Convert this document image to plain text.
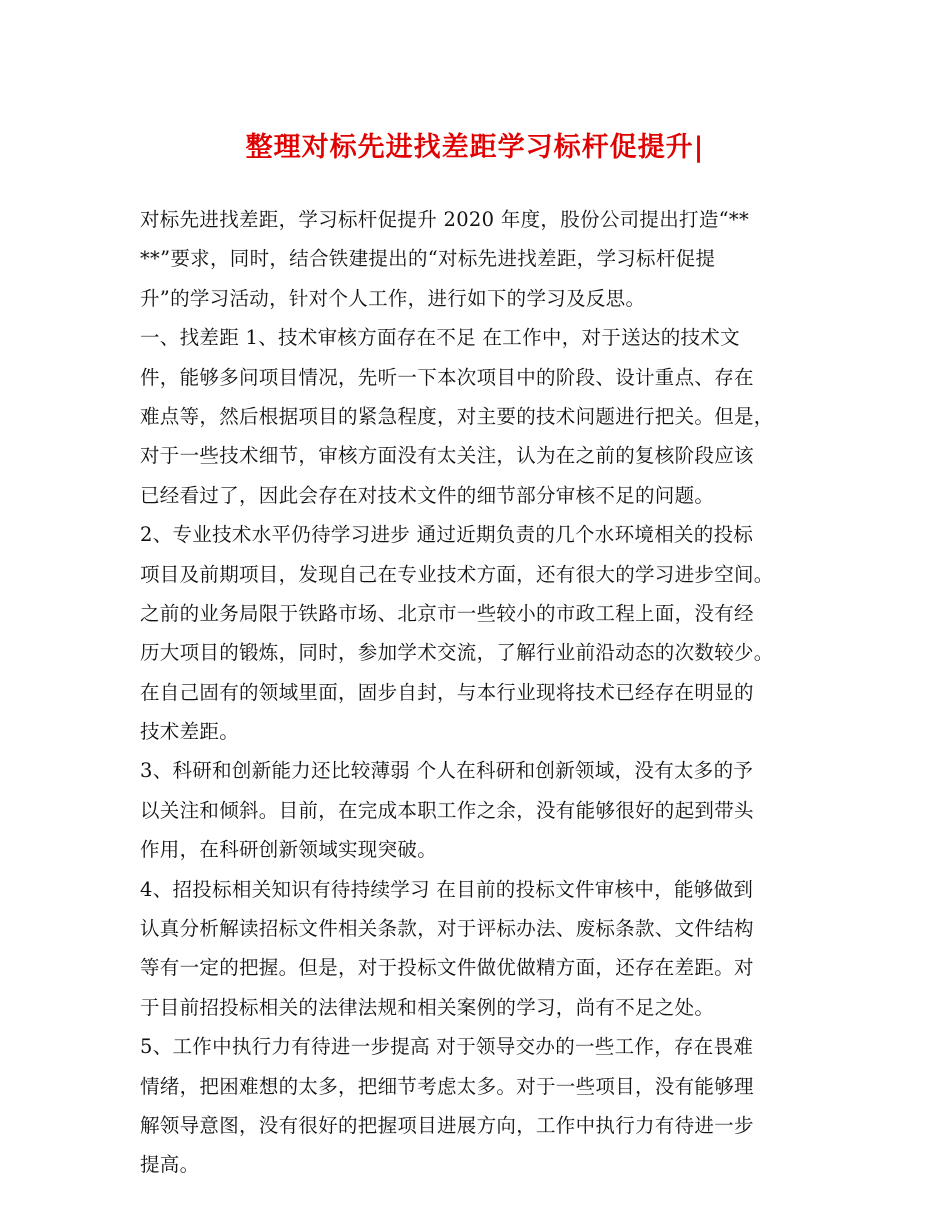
整理对标先进找差距学习标杆促提升|
对标先进找差距，学习标杆促提升 2020 年度，股份公司提出打造“**
**”要求，同时，结合铁建提出的“对标先进找差距，学习标杆促提
升”的学习活动，针对个人工作，进行如下的学习及反思。
一、找差距 1、技术审核方面存在不足 在工作中，对于送达的技术文
件，能够多问项目情况，先听一下本次项目中的阶段、设计重点、存在
难点等，然后根据项目的紧急程度，对主要的技术问题进行把关。但是，
对于一些技术细节，审核方面没有太关注，认为在之前的复核阶段应该
已经看过了，因此会存在对技术文件的细节部分审核不足的问题。
2、专业技术水平仍待学习进步 通过近期负责的几个水环境相关的投标
项目及前期项目，发现自己在专业技术方面，还有很大的学习进步空间。
之前的业务局限于铁路市场、北京市一些较小的市政工程上面，没有经
历大项目的锻炼，同时，参加学术交流，了解行业前沿动态的次数较少。
在自己固有的领域里面，固步自封，与本行业现将技术已经存在明显的
技术差距。
3、科研和创新能力还比较薄弱 个人在科研和创新领域，没有太多的予
以关注和倾斜。目前，在完成本职工作之余，没有能够很好的起到带头
作用，在科研创新领域实现突破。
4、招投标相关知识有待持续学习 在目前的投标文件审核中，能够做到
认真分析解读招标文件相关条款，对于评标办法、废标条款、文件结构
等有一定的把握。但是，对于投标文件做优做精方面，还存在差距。对
于目前招投标相关的法律法规和相关案例的学习，尚有不足之处。
5、工作中执行力有待进一步提高 对于领导交办的一些工作，存在畏难
情绪，把困难想的太多，把细节考虑太多。对于一些项目，没有能够理
解领导意图，没有很好的把握项目进展方向，工作中执行力有待进一步
提高。
